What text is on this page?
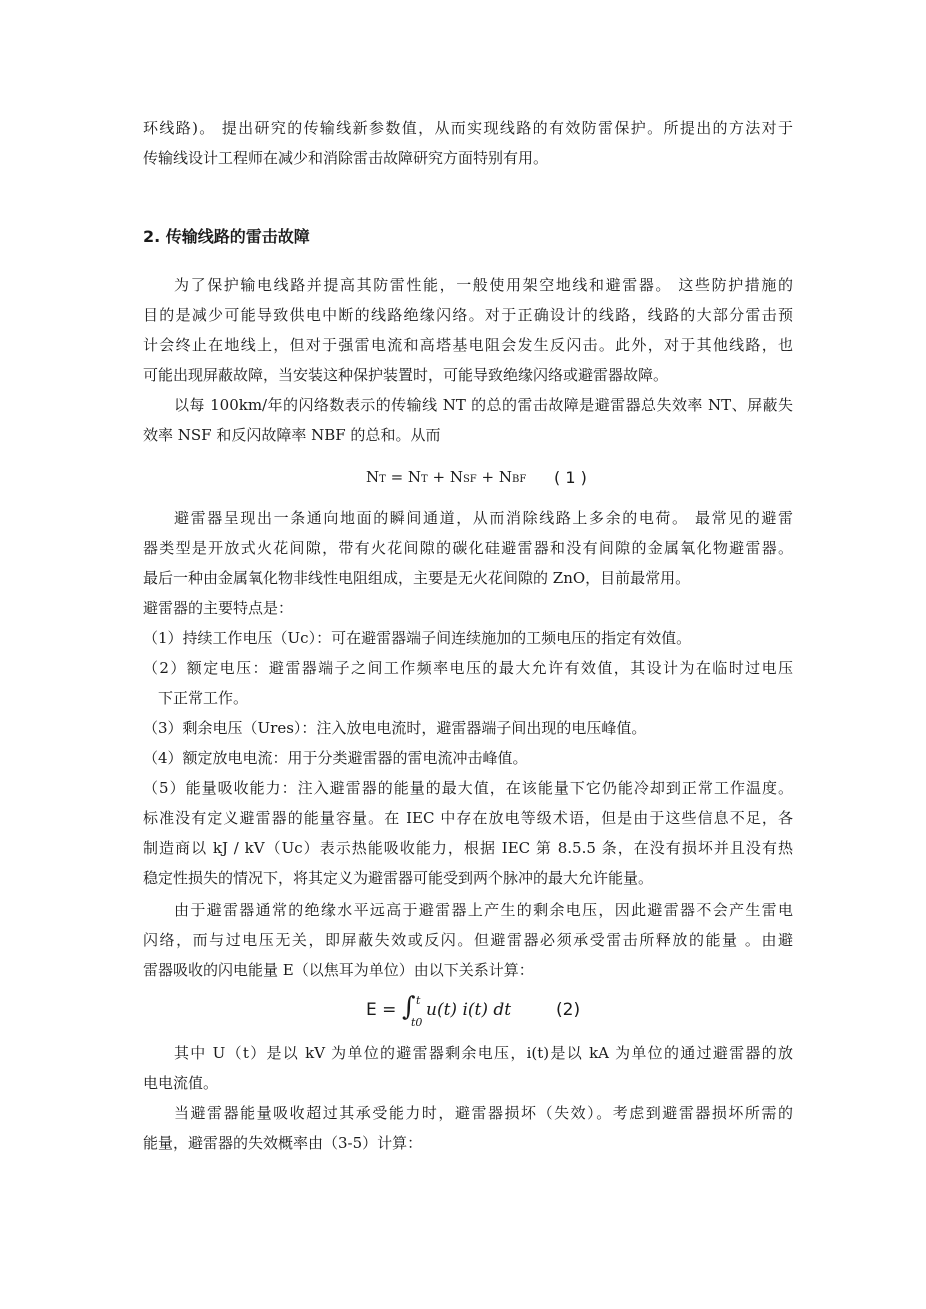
环线路)。 提出研究的传输线新参数值，从而实现线路的有效防雷保护。所提出的方法对于
传输线设计工程师在减少和消除雷击故障研究方面特别有用。
2. 传输线路的雷击故障
为了保护输电线路并提高其防雷性能，一般使用架空地线和避雷器。 这些防护措施的
目的是减少可能导致供电中断的线路绝缘闪络。对于正确设计的线路，线路的大部分雷击预
计会终止在地线上，但对于强雷电流和高塔基电阻会发生反闪击。此外，对于其他线路，也
可能出现屏蔽故障，当安装这种保护装置时，可能导致绝缘闪络或避雷器故障。
以每 100km/年的闪络数表示的传输线 NT 的总的雷击故障是避雷器总失效率 NT、屏蔽失
效率 NSF 和反闪故障率 NBF 的总和。从而
NT = NT + NSF + NBF ( 1 )
避雷器呈现出一条通向地面的瞬间通道，从而消除线路上多余的电荷。 最常见的避雷
器类型是开放式火花间隙，带有火花间隙的碳化硅避雷器和没有间隙的金属氧化物避雷器。
最后一种由金属氧化物非线性电阻组成，主要是无火花间隙的 ZnO，目前最常用。
避雷器的主要特点是：
（1）持续工作电压（Uc）：可在避雷器端子间连续施加的工频电压的指定有效值。
（2）额定电压：避雷器端子之间工作频率电压的最大允许有效值，其设计为在临时过电压
下正常工作。
（3）剩余电压（Ures）：注入放电电流时，避雷器端子间出现的电压峰值。
（4）额定放电电流：用于分类避雷器的雷电流冲击峰值。
（5）能量吸收能力：注入避雷器的能量的最大值，在该能量下它仍能冷却到正常工作温度。
标准没有定义避雷器的能量容量。在 IEC 中存在放电等级术语，但是由于这些信息不足，各
制造商以 kJ / kV（Uc）表示热能吸收能力，根据 IEC 第 8.5.5 条，在没有损坏并且没有热
稳定性损失的情况下，将其定义为避雷器可能受到两个脉冲的最大允许能量。
由于避雷器通常的绝缘水平远高于避雷器上产生的剩余电压，因此避雷器不会产生雷电
闪络，而与过电压无关，即屏蔽失效或反闪。但避雷器必须承受雷击所释放的能量 。由避
雷器吸收的闪电能量 E（以焦耳为单位）由以下关系计算：
E = ∫ t
t0
u(t) i(t) dt	(2)
其中 U（t）是以 kV 为单位的避雷器剩余电压，i(t)是以 kA 为单位的通过避雷器的放
电电流值。
当避雷器能量吸收超过其承受能力时，避雷器损坏（失效）。考虑到避雷器损坏所需的
能量，避雷器的失效概率由（3-5）计算：
